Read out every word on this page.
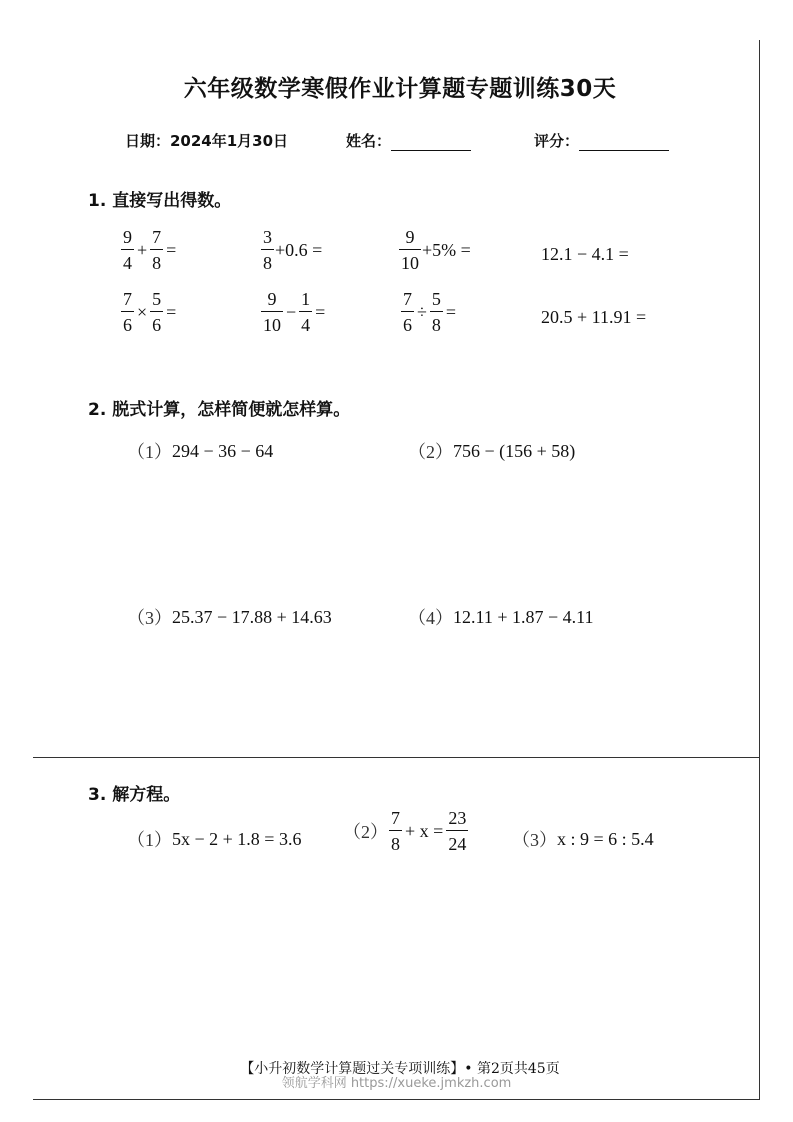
六年级数学寒假作业计算题专题训练30天
日期：2024年1月30日	姓名：	评分：
1. 直接写出得数。
$\frac{9}{4} + \frac{7}{8}$ =	$\frac{3}{8} +0.6$ =	$\frac{9}{10} +5\%$ =	12.1 − 4.1 =
$\frac{7}{6} \times \frac{5}{6}$ =	$\frac{9}{10} - \frac{1}{4}$ =	$\frac{7}{6} \div \frac{5}{8}$ =	20.5 + 11.91 =
2. 脱式计算，怎样简便就怎样算。
（1） 294 − 36 − 64	（2） 756 − (156 + 58)
（3） 25.37 − 17.88 + 14.63	（4） 12.11 + 1.87 − 4.11
3. 解方程。
（1） 5x − 2 + 1.8 = 3.6 $(2) \frac{7}{8} + x = \frac{23}{24} (3)$ x : 9 = 6 : 5.4
【小升初数学计算题过关专项训练】• 第2页共45页
领航学科网 https://xueke.jmkzh.com
